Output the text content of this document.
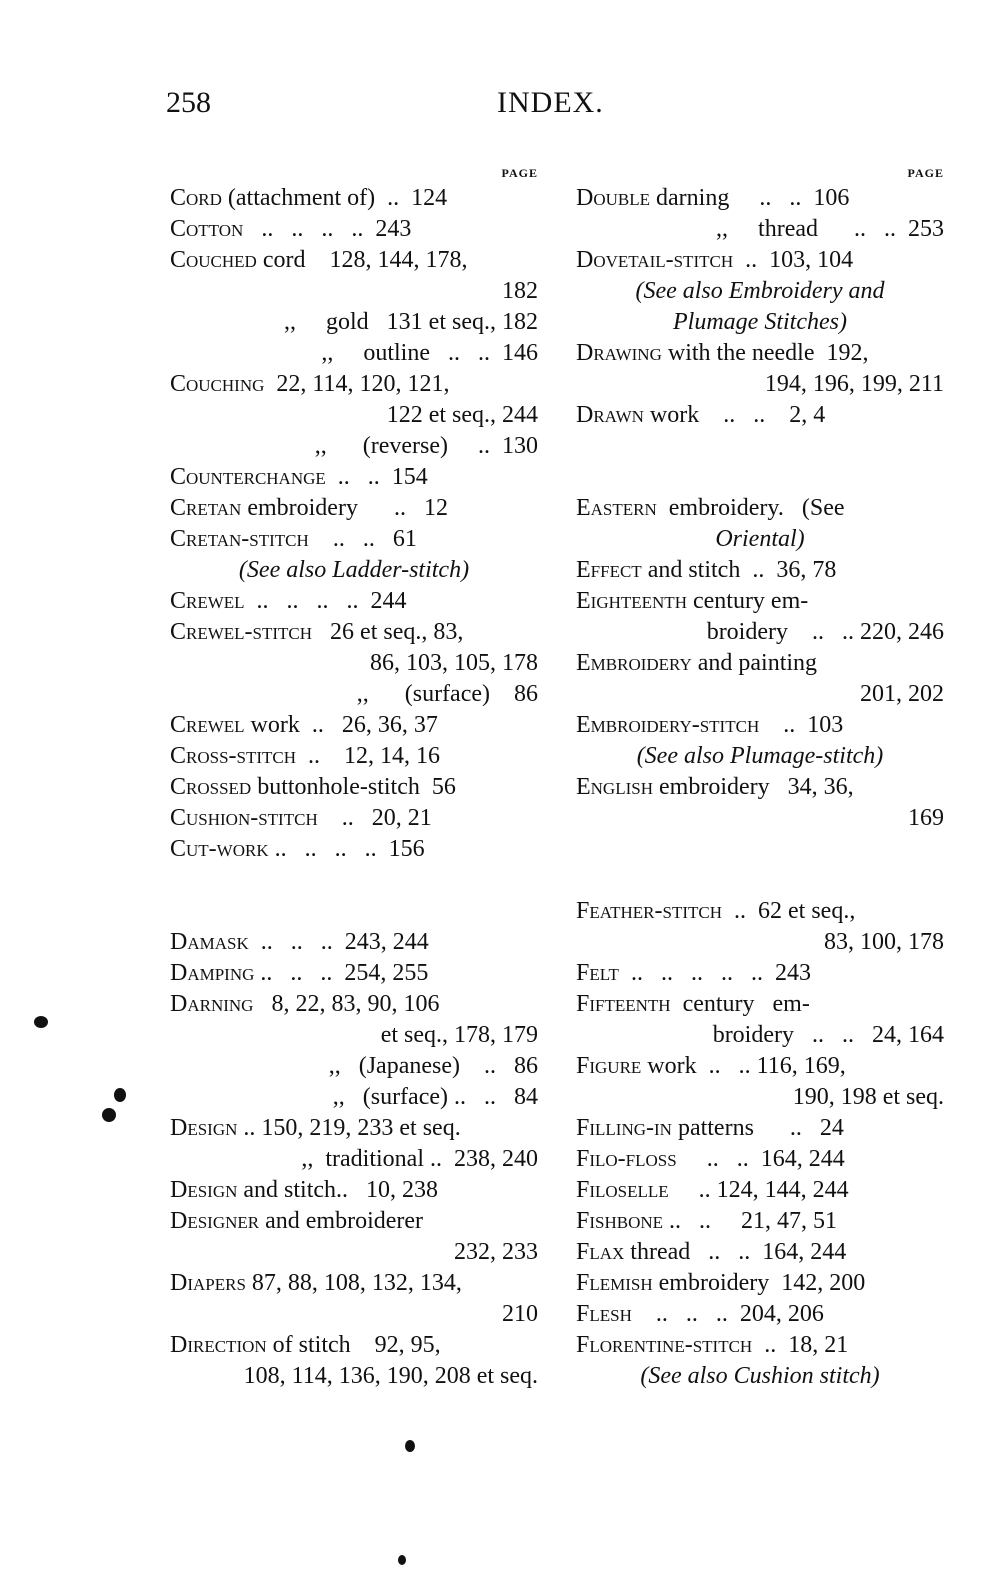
258	INDEX.
PAGE
Cord (attachment of)  ..  124
Cotton   ..   ..   ..   ..  243
Couched cord    128, 144, 178,
182
,,     gold   131 et seq., 182
,,     outline   ..   ..  146
Couching  22, 114, 120, 121,
122 et seq., 244
,,      (reverse)     ..  130
Counterchange  ..   ..  154
Cretan embroidery      ..   12
Cretan-stitch    ..   ..   61
(See also Ladder-stitch)
Crewel  ..   ..   ..   ..  244
Crewel-stitch   26 et seq., 83,
86, 103, 105, 178
,,      (surface)    86
Crewel work  ..   26, 36, 37
Cross-stitch  ..    12, 14, 16
Crossed buttonhole-stitch  56
Cushion-stitch    ..   20, 21
Cut-work ..   ..   ..   ..  156
Damask  ..   ..   ..  243, 244
Damping ..   ..   ..  254, 255
Darning   8, 22, 83, 90, 106
et seq., 178, 179
,,   (Japanese)    ..   86
,,   (surface) ..   ..   84
Design .. 150, 219, 233 et seq.
,,  traditional ..  238, 240
Design and stitch..   10, 238
Designer and embroiderer
232, 233
Diapers 87, 88, 108, 132, 134,
210
Direction of stitch    92, 95,
108, 114, 136, 190, 208 et seq.
PAGE
Double darning     ..   ..  106
,,     thread      ..   ..  253
Dovetail-stitch  ..  103, 104
(See also Embroidery and
Plumage Stitches)
Drawing with the needle  192,
194, 196, 199, 211
Drawn work    ..   ..    2, 4
Eastern  embroidery.   (See
Oriental)
Effect and stitch  ..  36, 78
Eighteenth century em-
broidery    ..   .. 220, 246
Embroidery and painting
201, 202
Embroidery-stitch    ..  103
(See also Plumage-stitch)
English embroidery   34, 36,
169
Feather-stitch  ..  62 et seq.,
83, 100, 178
Felt  ..   ..   ..   ..   ..  243
Fifteenth  century   em-
broidery   ..   ..   24, 164
Figure work  ..   .. 116, 169,
190, 198 et seq.
Filling-in patterns      ..   24
Filo-floss     ..   ..  164, 244
Filoselle     .. 124, 144, 244
Fishbone ..   ..     21, 47, 51
Flax thread   ..   ..  164, 244
Flemish embroidery  142, 200
Flesh    ..   ..   ..  204, 206
Florentine-stitch  ..  18, 21
(See also Cushion stitch)
